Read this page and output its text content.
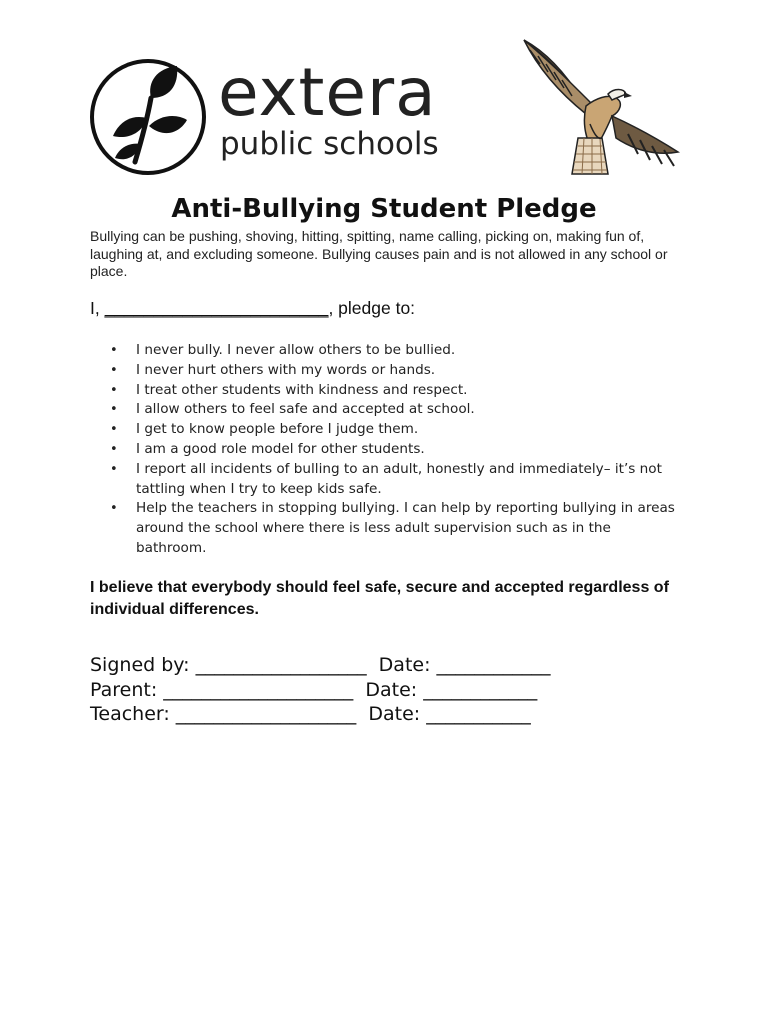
extera
public schools
Anti-Bullying Student Pledge
Bullying can be pushing, shoving, hitting, spitting, name calling, picking on, making fun of, laughing at, and excluding someone. Bullying causes pain and is not allowed in any school or place.
I, _______________________, pledge to:
• I never bully. I never allow others to be bullied.
• I never hurt others with my words or hands.
• I treat other students with kindness and respect.
• I allow others to feel safe and accepted at school.
• I get to know people before I judge them.
• I am a good role model for other students.
• I report all incidents of bulling to an adult, honestly and immediately– it’s not tattling when I try to keep kids safe.
• Help the teachers in stopping bullying. I can help by reporting bullying in areas around the school where there is less adult supervision such as in the bathroom.
I believe that everybody should feel safe, secure and accepted regardless of individual differences.
Signed by: __________________  Date: ____________
Parent: ____________________  Date: ____________
Teacher: ___________________  Date: ___________
